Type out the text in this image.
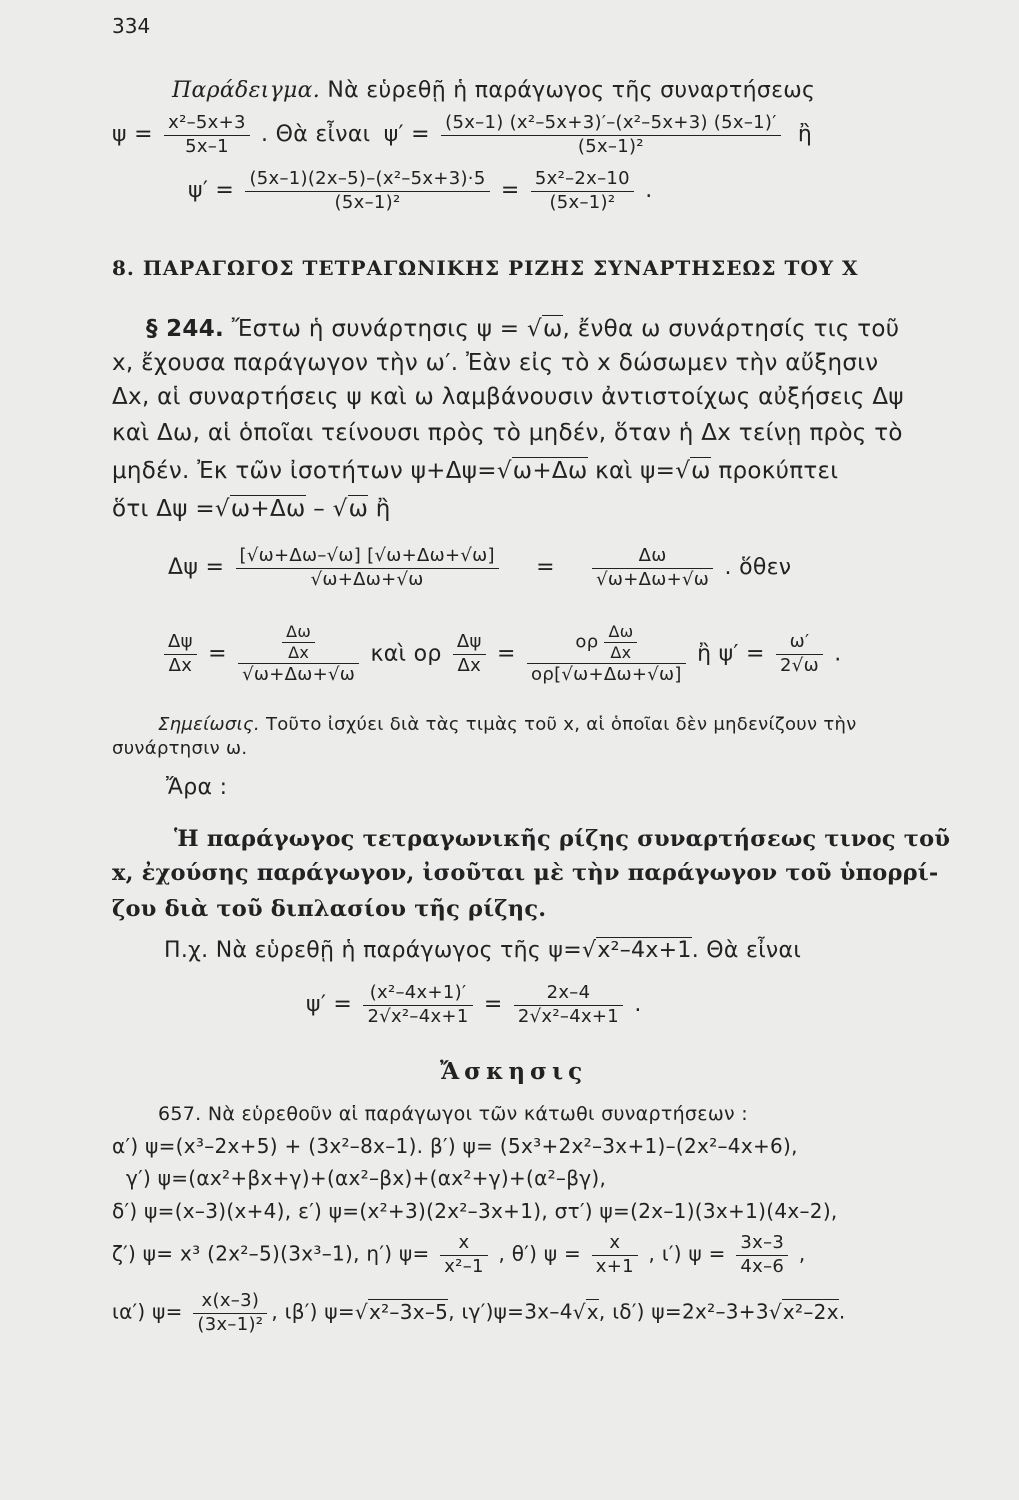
334
Παράδειγμα. Νὰ εὑρεθῇ ἡ παράγωγος τῆς συναρτήσεως
$\psi = \frac{\text{x²–5x+3}}{5x-1}$ . Θὰ εἶναι $\psi' = \frac{\text{(5x–1) (x²–5x+3)′–(x²–5x+3) (5x–1)′}}{\text{(5x–1)²}}$ ἢ
$\psi' = \frac{\text{(5x–1)(2x–5)–(x²–5x+3)·5}}{\text{(5x–1)²}} = \frac{\text{5x²–2x–10}}{\text{(5x–1)²}}$ .
8. ΠΑΡΑΓΩΓΟΣ ΤΕΤΡΑΓΩΝΙΚΗΣ ΡΙΖΗΣ ΣΥΝΑΡΤΗΣΕΩΣ ΤΟΥ Χ
§ 244. Ἔστω ἡ συνάρτησις ψ = √ ω, ἔνθα ω συνάρτησίς τις τοῦ
x, ἔχουσα παράγωγον τὴν ω′. Ἐὰν εἰς τὸ x δώσωμεν τὴν αὔξησιν
Δx, αἱ συναρτήσεις ψ καὶ ω λαμβάνουσιν ἀντιστοίχως αὐξήσεις Δψ
καὶ Δω, αἱ ὁποῖαι τείνουσι πρὸς τὸ μηδέν, ὅταν ἡ Δx τείνῃ πρὸς τὸ
μηδέν. Ἐκ τῶν ἰσοτήτων ψ+Δψ= √ ω+Δω καὶ ψ= √ ω προκύπτει
ὅτι Δψ = √ ω+Δω – √ ω ἢ
$\Delta\psi = \frac{[√\omega+\Delta\omega-√\omega] [√\omega+\Delta\omega+√\omega]}{√\omega+\Delta\omega+√\omega} = \frac{\Delta\omega}{√\omega+\Delta\omega+√\omega}$ . ὅθεν
$\frac{\Delta\psi}{\Delta x} = \frac{\frac{\Delta\omega}{\Delta x}}{√\omega+\Delta\omega+√\omega}$ καὶ ορ $\frac{\Delta\psi}{\Delta x} = \frac{o\rho \frac{\Delta\omega}{\Delta x}}{o\rho[√\omega+\Delta\omega+√\omega]}$ ἢ $\psi' = \frac{\omega'}{2√\omega}$ .
Σημείωσις. Τοῦτο ἰσχύει διὰ τὰς τιμὰς τοῦ x, αἱ ὁποῖαι δὲν μηδενίζουν τὴν
συνάρτησιν ω.
Ἄρα :
Ἡ παράγωγος τετραγωνικῆς ρίζης συναρτήσεως τινος τοῦ
x, ἐχούσης παράγωγον, ἰσοῦται μὲ τὴν παράγωγον τοῦ ὑπορρί-
ζου διὰ τοῦ διπλασίου τῆς ρίζης.
Π.χ. Νὰ εὑρεθῇ ἡ παράγωγος τῆς ψ= √ x²–4x+1. Θὰ εἶναι
$\psi' = \frac{\text{(x²–4x+1)′}}{\text{2√x²–4x+1}} = \frac{2x-4}{\text{2√x²–4x+1}}$ .
Ἄσκησις
657. Νὰ εὑρεθοῦν αἱ παράγωγοι τῶν κάτωθι συναρτήσεων :
α′) ψ=(x³–2x+5) + (3x²–8x–1). β′) ψ= (5x³+2x²–3x+1)–(2x²–4x+6),
γ′) ψ=(αx²+βx+γ)+(αx²–βx)+(αx²+γ)+(α²–βγ),
δ′) ψ=(x–3)(x+4), ε′) ψ=(x²+3)(2x²–3x+1), στ′) ψ=(2x–1)(3x+1)(4x–2),
ζ′) ψ= x³ (2x²–5)(3x³–1), η′) $\psi= \frac{x}{\text{x²–1}}$ , θ′) $\psi = \frac{x}{x+1}$ , ι′) $\psi = \frac{3x-3}{4x-6}$ ,
ια′) $\psi= \frac{x(x-3)}{\text{(3x–1)²}}$ , ιβ′) ψ= √ x²–3x–5, ιγ′)ψ=3x–4 √ x, ιδ′) ψ=2x²–3+3 √ x²–2x.
